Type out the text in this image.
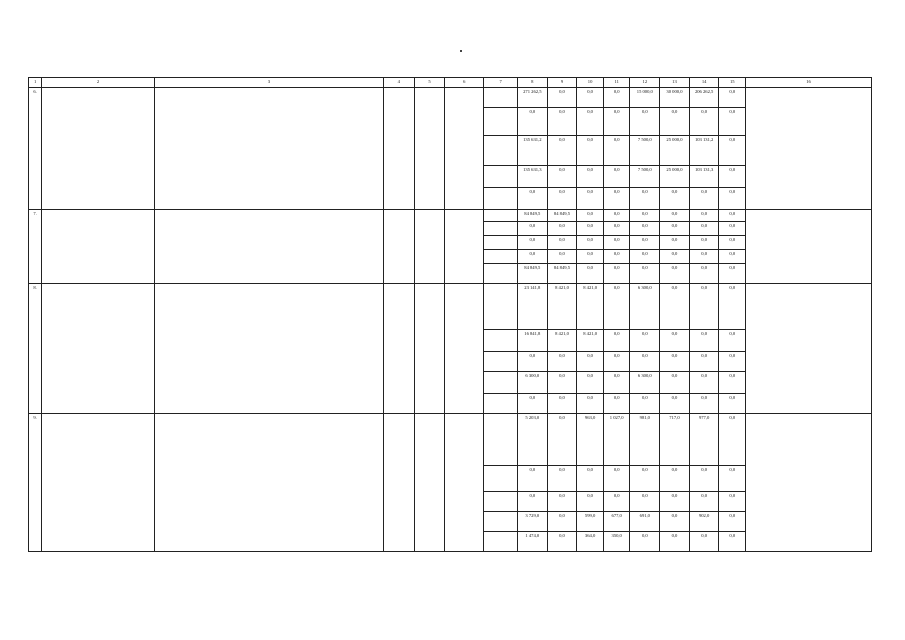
1	2	3	4	5	6	7	8	9	10	11	12	13	14	15	16
6.							271 262,5	0,0	0,0	0,0	15 000,0	30 000,0	206 262,5	0,0	
							0,0	0,0	0,0	0,0	0,0	0,0	0,0	0,0	
							135 631,2	0,0	0,0	0,0	7 500,0	25 000,0	103 131,2	0,0	
							135 631,3	0,0	0,0	0,0	7 500,0	25 000,0	103 131,3	0,0	
							0,0	0,0	0,0	0,0	0,0	0,0	0,0	0,0	
7.							84 849,5	84 849,5	0,0	0,0	0,0	0,0	0,0	0,0	
							0,0	0,0	0,0	0,0	0,0	0,0	0,0	0,0	
							0,0	0,0	0,0	0,0	0,0	0,0	0,0	0,0	
							0,0	0,0	0,0	0,0	0,0	0,0	0,0	0,0	
							84 849,5	84 849,5	0,0	0,0	0,0	0,0	0,0	0,0	
8.							23 141,8	8 421,0	8 421,0	0,0	6 300,0	0,0	0,0	0,0	
							16 841,8	8 421,0	8 421,0	0,0	0,0	0,0	0,0	0,0	
							0,0	0,0	0,0	0,0	0,0	0,0	0,0	0,0	
							6 300,0	0,0	0,0	0,0	6 300,0	0,0	0,0	0,0	
							0,0	0,0	0,0	0,0	0,0	0,0	0,0	0,0	
9.							5 203,0	0,0	963,0	1 027,0	981,0	717,0	977,0	0,0	
							0,0	0,0	0,0	0,0	0,0	0,0	0,0	0,0	
							0,0	0,0	0,0	0,0	0,0	0,0	0,0	0,0	
							3 729,0	0,0	599,0	677,0	691,0	0,0	902,0	0,0	
							1 474,0	0,0	364,0	350,0	0,0	0,0	0,0	0,0	
